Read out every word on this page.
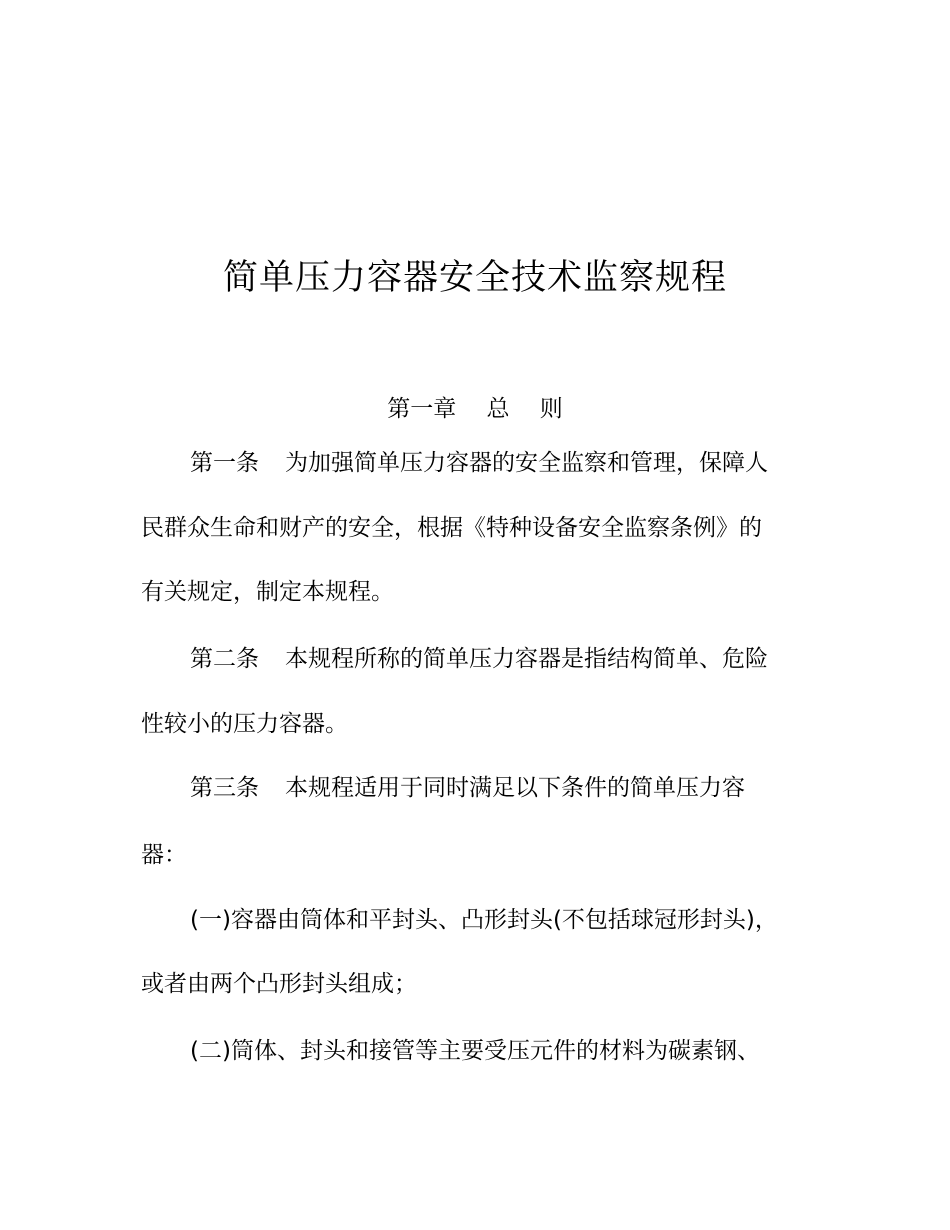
简单压力容器安全技术监察规程

第一章　 总　 则

第一条 为加强简单压力容器的安全监察和管理，保障人

民群众生命和财产的安全，根据《特种设备安全监察条例》的

有关规定，制定本规程。

第二条 本规程所称的简单压力容器是指结构简单、危险

性较小的压力容器。

第三条 本规程适用于同时满足以下条件的简单压力容

器：

(一)容器由筒体和平封头、凸形封头(不包括球冠形封头)，

或者由两个凸形封头组成；

(二)筒体、封头和接管等主要受压元件的材料为碳素钢、
